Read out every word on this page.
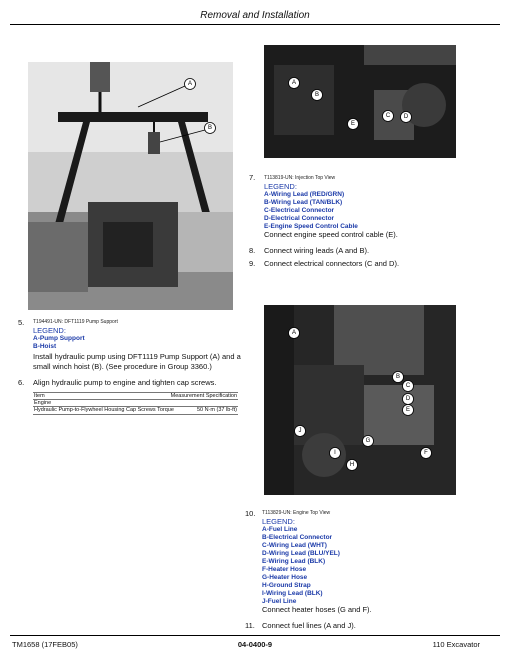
Removal and Installation
A
B
A
B
C D
E
7. T113819-UN: Injection Top View
LEGEND:
A-Wiring Lead (RED/GRN)
B-Wiring Lead (TAN/BLK)
C-Electrical Connector
D-Electrical Connector
E-Engine Speed Control Cable
Connect engine speed control cable (E).
8. Connect wiring leads (A and B).
9. Connect electrical connectors (C and D).
5. T194491-UN: DFT1119 Pump Support
LEGEND:
A-Pump Support
B-Hoist
Install hydraulic pump using DFT1119 Pump Support (A) and a small winch hoist (B). (See procedure in Group 3360.)
6. Align hydraulic pump to engine and tighten cap screws.
Item	Measurement Specification
Engine
Hydraulic Pump-to-Flywheel Housing Cap Screws Torque	50 N·m (37 lb-ft)
A
B
C
D
E
F
G
H
I
J
10. T113829-UN: Engine Top View
LEGEND:
A-Fuel Line
B-Electrical Connector
C-Wiring Lead (WHT)
D-Wiring Lead (BLU/YEL)
E-Wiring Lead (BLK)
F-Heater Hose
G-Heater Hose
H-Ground Strap
I-Wiring Lead (BLK)
J-Fuel Line
Connect heater hoses (G and F).
11. Connect fuel lines (A and J).
TM1658 (17FEB05)	04-0400-9	110 Excavator
